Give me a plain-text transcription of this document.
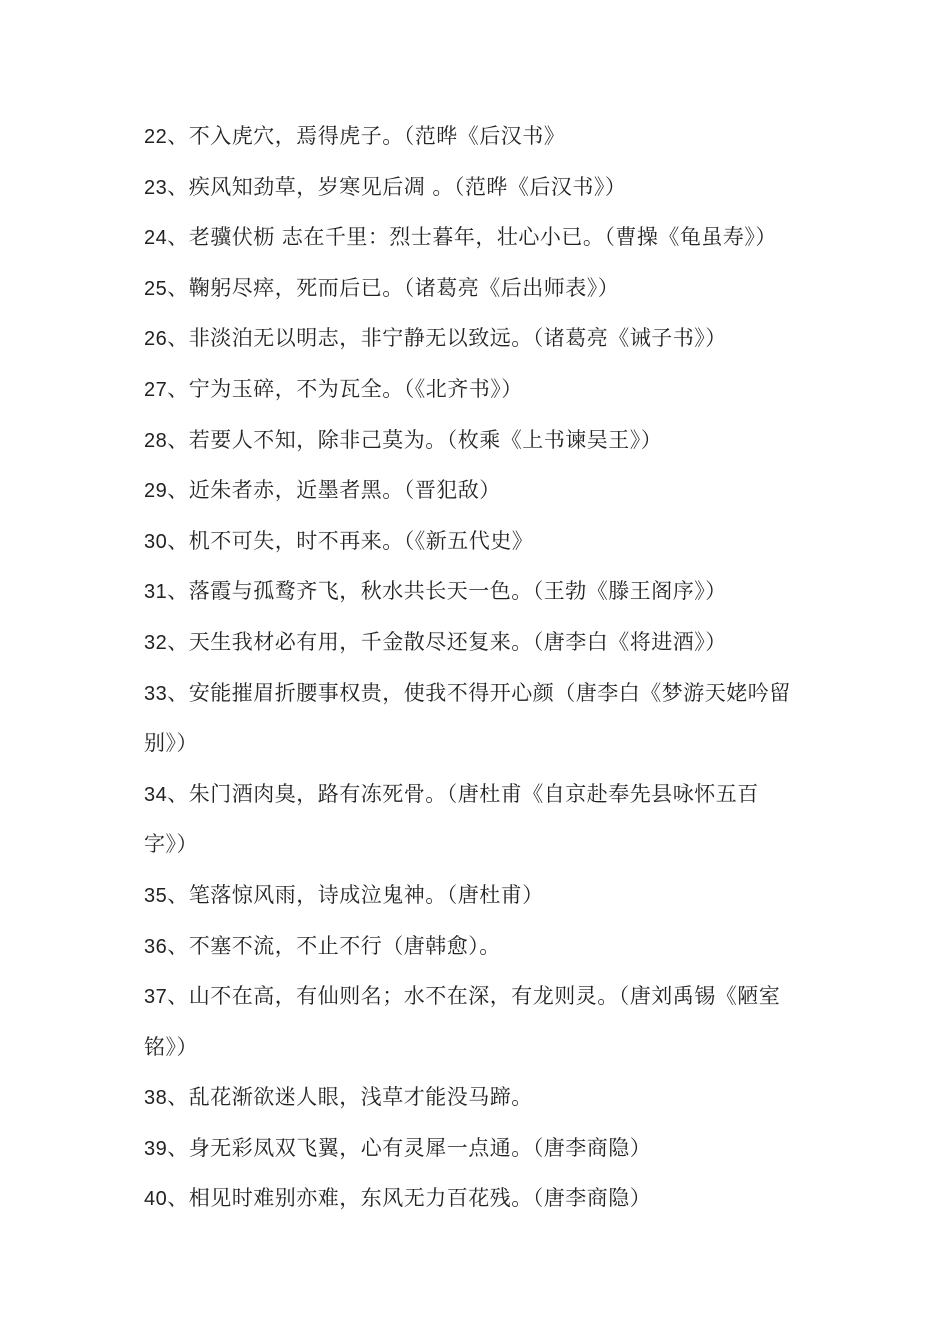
22、不入虎穴，焉得虎子。（范晔《后汉书》
23、疾风知劲草，岁寒见后凋 。（范晔《后汉书》）
24、老骥伏枥 志在千里：烈士暮年，壮心小已。（曹操《龟虽寿》）
25、鞠躬尽瘁，死而后已。（诸葛亮《后出师表》）
26、非淡泊无以明志，非宁静无以致远。（诸葛亮《诫子书》）
27、宁为玉碎，不为瓦全。（《北齐书》）
28、若要人不知，除非己莫为。（枚乘《上书谏吴王》）
29、近朱者赤，近墨者黑。（晋犯敌）
30、机不可失，时不再来。（《新五代史》
31、落霞与孤鹜齐飞，秋水共长天一色。（王勃《滕王阁序》）
32、天生我材必有用，千金散尽还复来。（唐李白《将进酒》）
33、安能摧眉折腰事权贵，使我不得开心颜（唐李白《梦游天姥吟留
别》）
34、朱门酒肉臭，路有冻死骨。（唐杜甫《自京赴奉先县咏怀五百
字》）
35、笔落惊风雨，诗成泣鬼神。（唐杜甫）
36、不塞不流，不止不行（唐韩愈）。
37、山不在高，有仙则名；水不在深，有龙则灵。（唐刘禹锡《陋室
铭》）
38、乱花渐欲迷人眼，浅草才能没马蹄。
39、身无彩凤双飞翼，心有灵犀一点通。（唐李商隐）
40、相见时难别亦难，东风无力百花残。（唐李商隐）
